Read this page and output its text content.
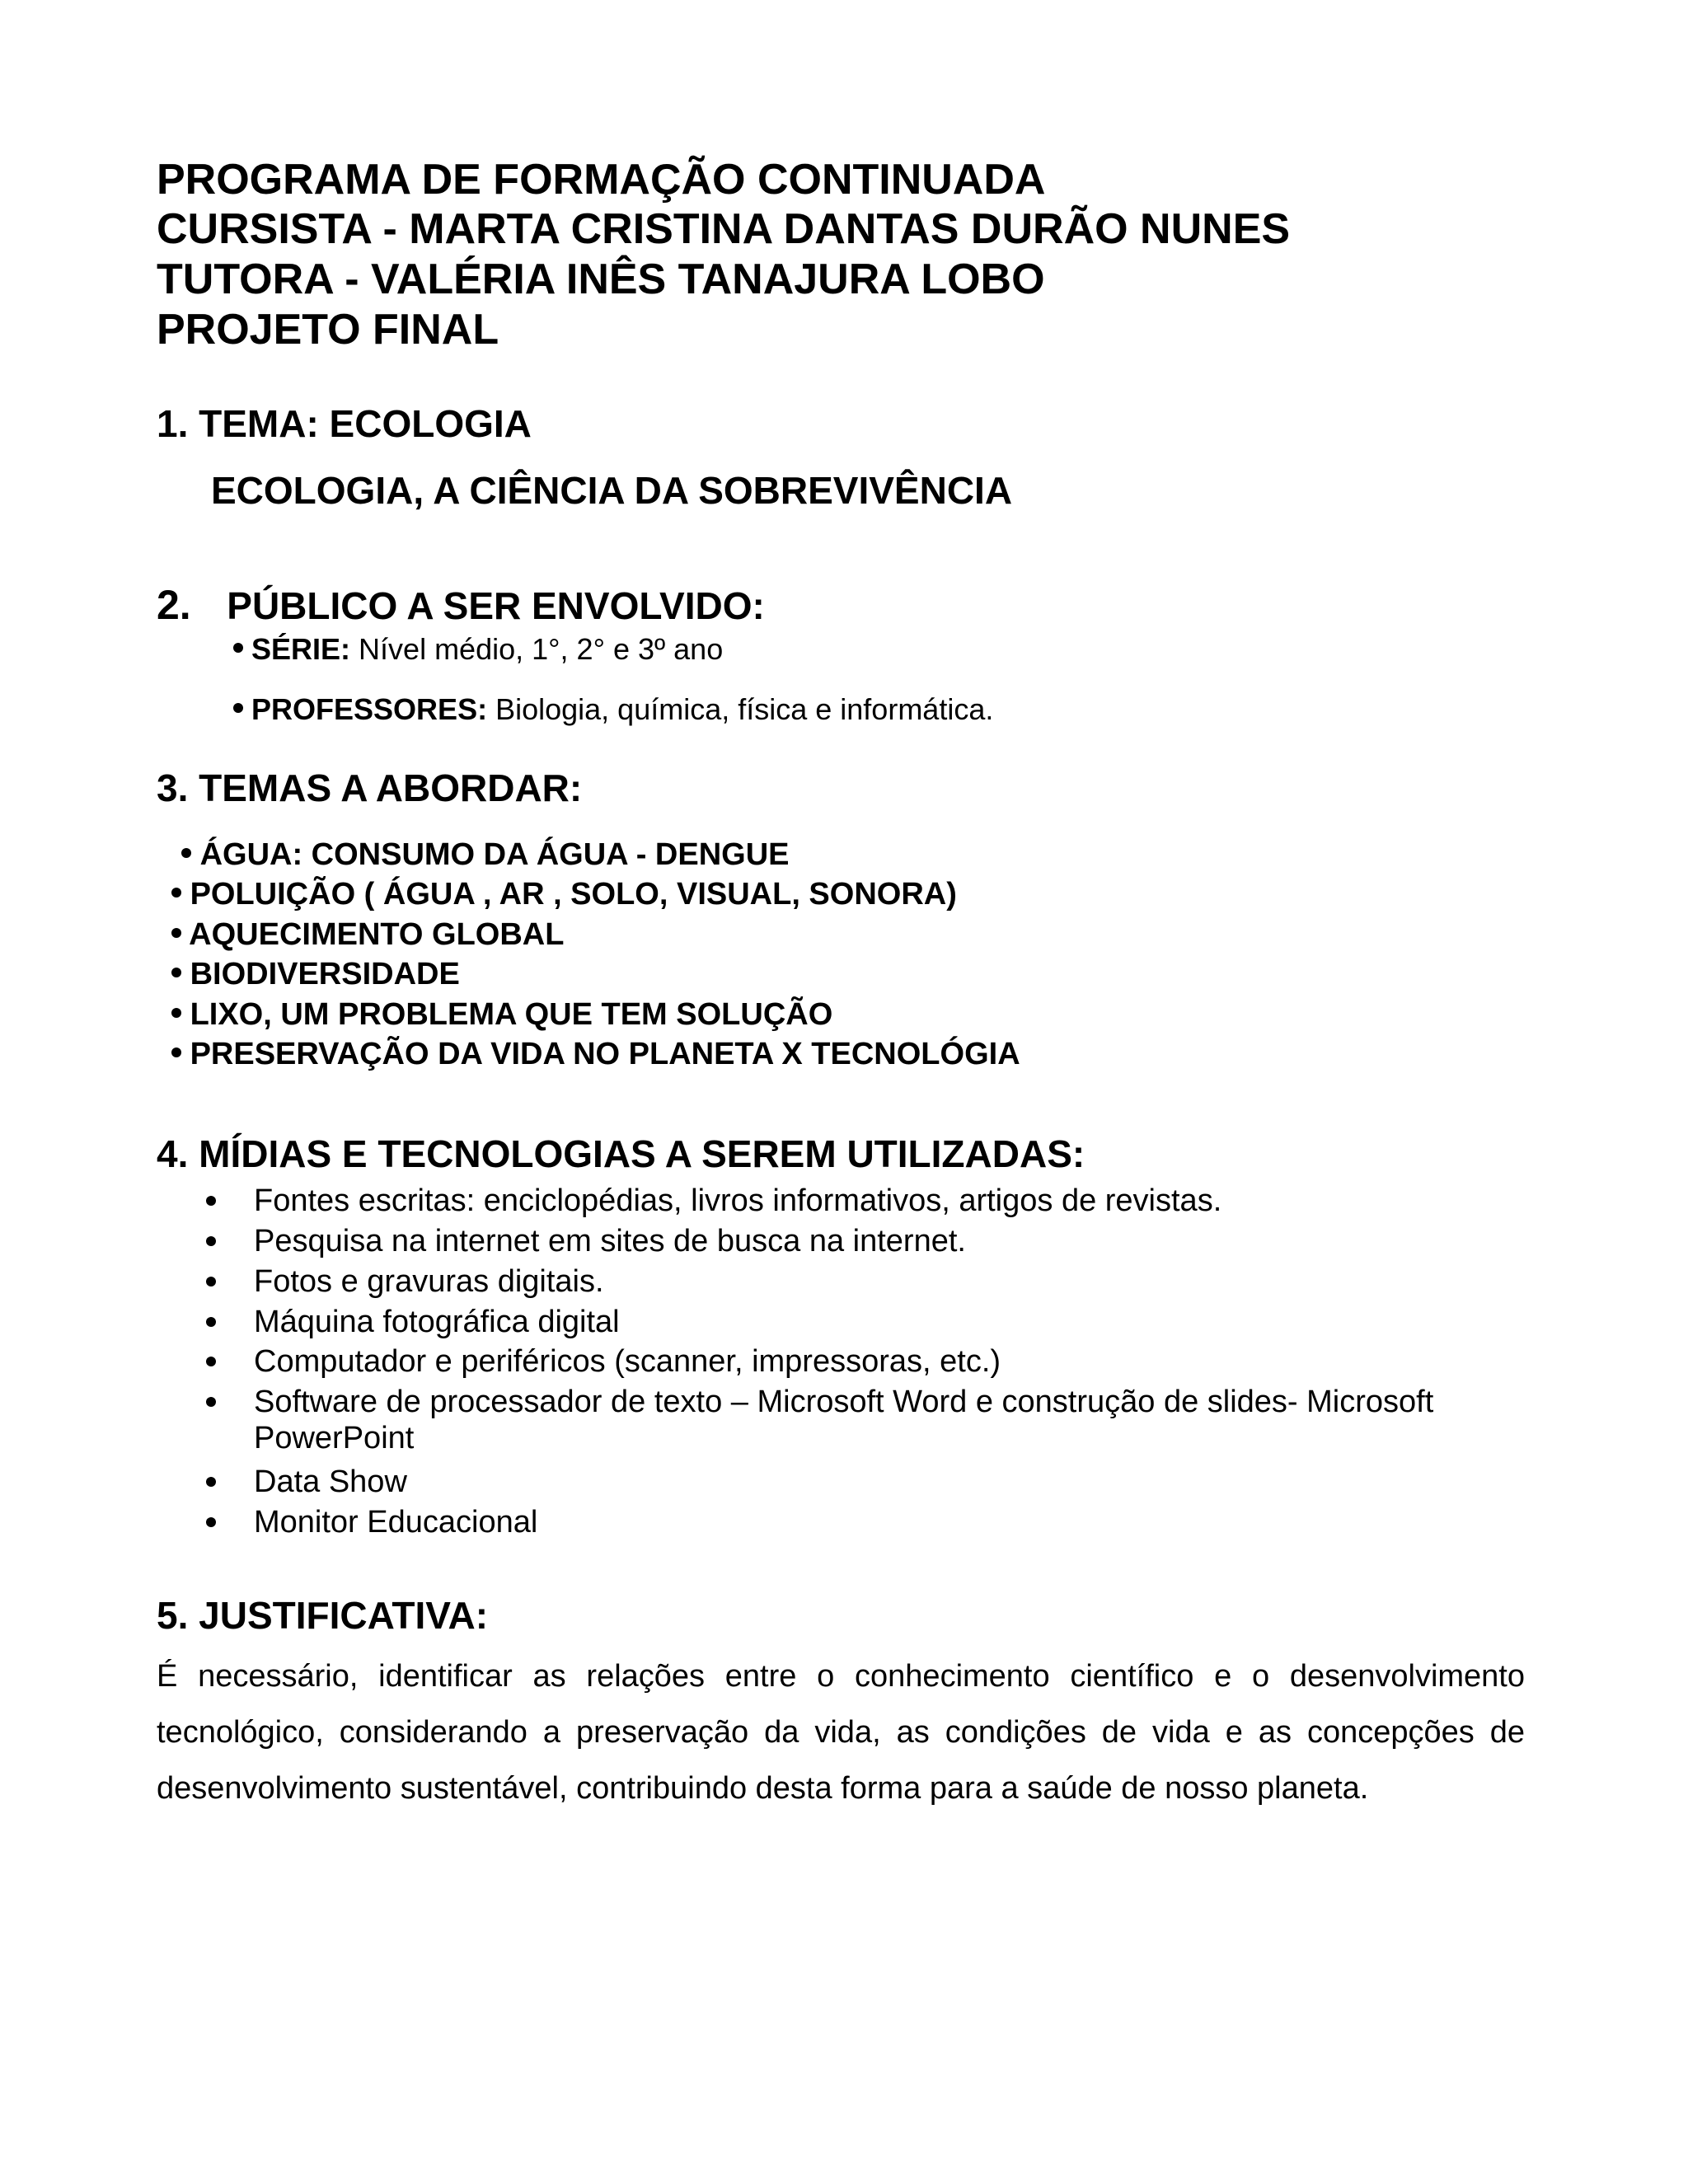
PROGRAMA DE FORMAÇÃO CONTINUADA
CURSISTA - MARTA CRISTINA DANTAS DURÃO NUNES
TUTORA - VALÉRIA INÊS TANAJURA LOBO
PROJETO FINAL
1. TEMA: ECOLOGIA
ECOLOGIA, A CIÊNCIA DA SOBREVIVÊNCIA
2. PÚBLICO A SER ENVOLVIDO:
SÉRIE: Nível médio, 1°, 2° e 3º ano
PROFESSORES: Biologia, química, física e informática.
3. TEMAS A ABORDAR:
ÁGUA: CONSUMO DA ÁGUA - DENGUE
POLUIÇÃO ( ÁGUA , AR , SOLO, VISUAL, SONORA)
AQUECIMENTO GLOBAL
BIODIVERSIDADE
LIXO, UM PROBLEMA QUE TEM SOLUÇÃO
PRESERVAÇÃO DA VIDA NO PLANETA X TECNOLÓGIA
4. MÍDIAS E TECNOLOGIAS A SEREM UTILIZADAS:
Fontes escritas: enciclopédias, livros informativos, artigos de revistas.
Pesquisa na internet em sites de busca na internet.
Fotos e gravuras digitais.
Máquina fotográfica digital
Computador e periféricos (scanner, impressoras, etc.)
Software de processador de texto – Microsoft Word e construção de slides- Microsoft
PowerPoint
Data Show
Monitor Educacional
5. JUSTIFICATIVA:
É necessário, identificar as relações entre o conhecimento científico e o desenvolvimento
tecnológico, considerando a preservação da vida, as condições de vida e as concepções de
desenvolvimento sustentável, contribuindo desta forma para a saúde de nosso planeta.
